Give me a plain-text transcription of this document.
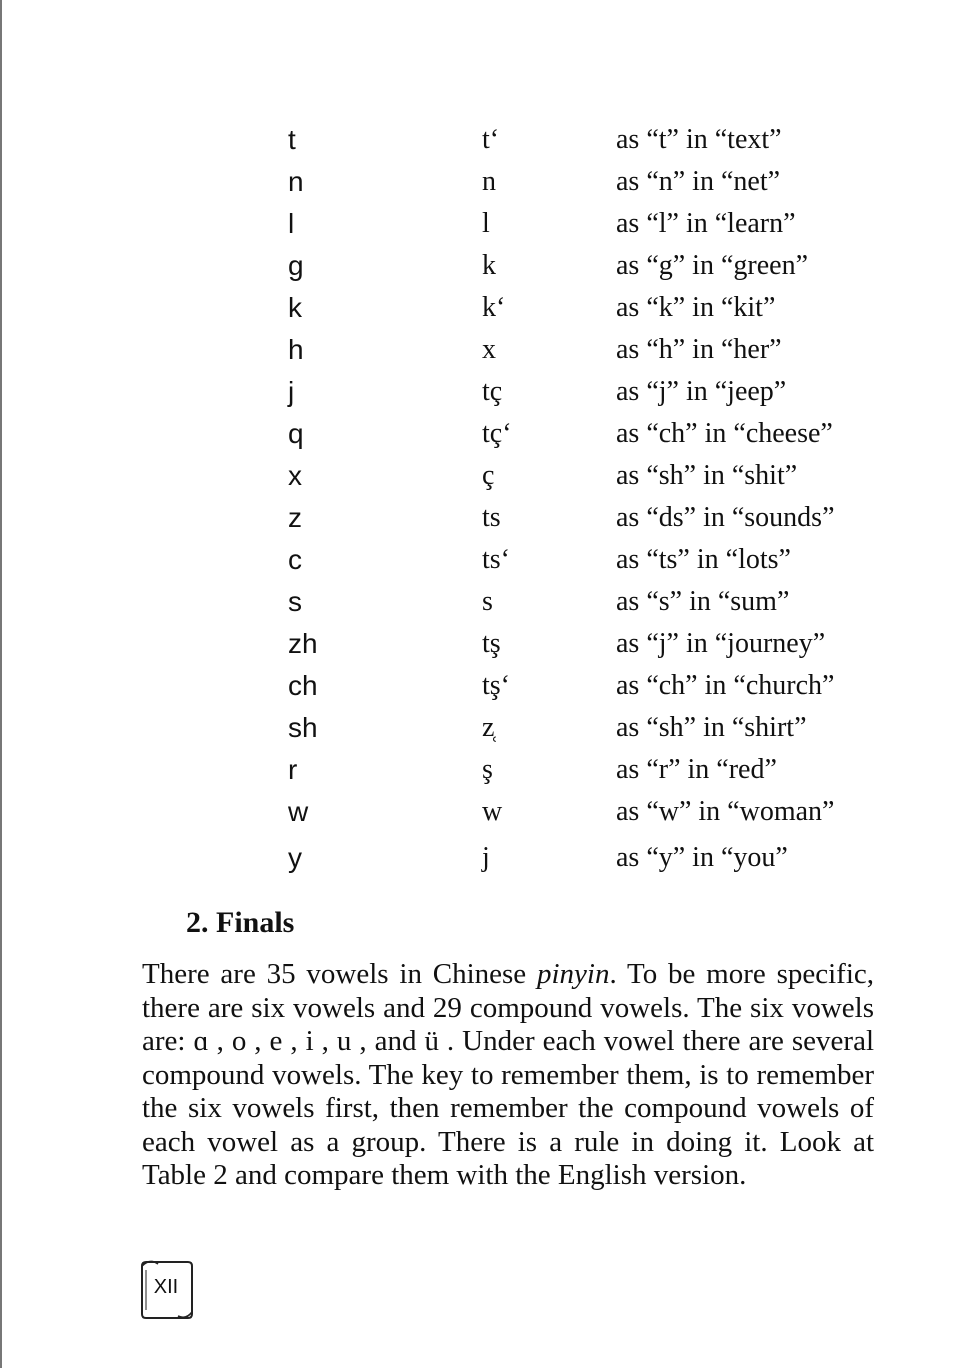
t	t‘	as “t” in “text”
n	n	as “n” in “net”
l	l	as “l” in “learn”
g	k	as “g” in “green”
k	k‘	as “k” in “kit”
h	x	as “h” in “her”
j	tç	as “j” in “jeep”
q	tç‘	as “ch” in “cheese”
x	ç	as “sh” in “shit”
z	ts	as “ds” in “sounds”
c	ts‘	as “ts” in “lots”
s	s	as “s” in “sum”
zh	tş	as “j” in “journey”
ch	tş‘	as “ch” in “church”
sh	z̜	as “sh” in “shirt”
r	ş	as “r” in “red”
w	w	as “w” in “woman”
y	j	as “y” in “you”
2. Finals

There are 35 vowels in Chinese pinyin. To be more specific, there are six vowels and 29 compound vowels. The six vowels are: ɑ , o , e , i , u , and ü . Under each vowel there are several compound vowels. The key to remember them, is to remember the six vowels first, then remember the compound vowels of each vowel as a group. There is a rule in doing it. Look at Table 2 and compare them with the English version.

XII
